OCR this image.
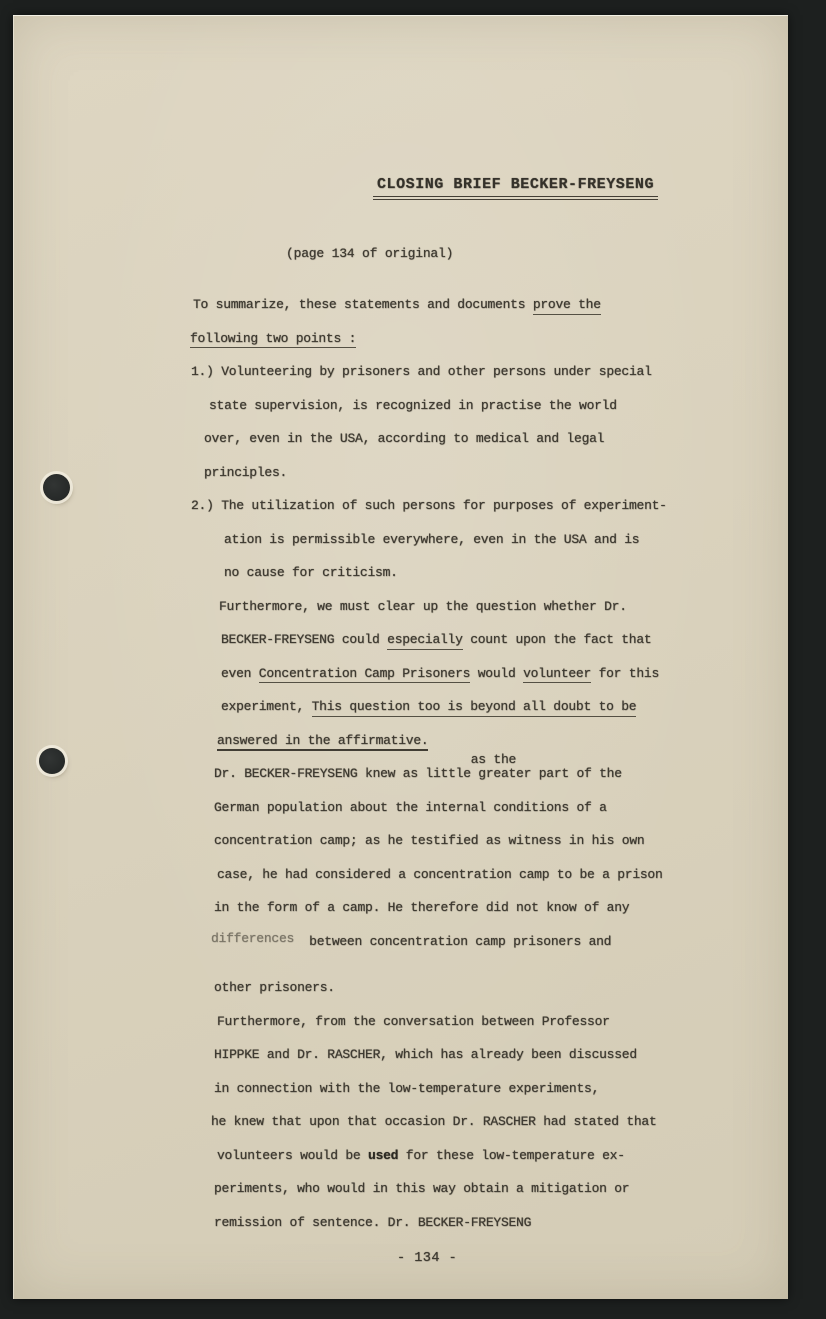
CLOSING BRIEF BECKER-FREYSENG
(page 134 of original)
To summarize, these statements and documents prove the
following two points :
1.) Volunteering by prisoners and other persons under special
state supervision, is recognized in practise the world
over, even in the USA, according to medical and legal
principles.
2.) The utilization of such persons for purposes of experiment-
ation is permissible everywhere, even in the USA and is
no cause for criticism.
Furthermore, we must clear up the question whether Dr.
BECKER-FREYSENG could especially count upon the fact that
even Concentration Camp Prisoners would volunteer for this
experiment, This question too is beyond all doubt to be
answered in the affirmative.
Dr. BECKER-FREYSENG knew as littleas the greater part of the
German population about the internal conditions of a
concentration camp; as he testified as witness in his own
case, he had considered a concentration camp to be a prison
in the form of a camp. He therefore did not know of any
differences  between concentration camp prisoners and
other prisoners.
Furthermore, from the conversation between Professor
HIPPKE and Dr. RASCHER, which has already been discussed
in connection with the low-temperature experiments,
he knew that upon that occasion Dr. RASCHER had stated that
volunteers would be used for these low-temperature ex-
periments, who would in this way obtain a mitigation or
remission of sentence. Dr. BECKER-FREYSENG
- 134 -
